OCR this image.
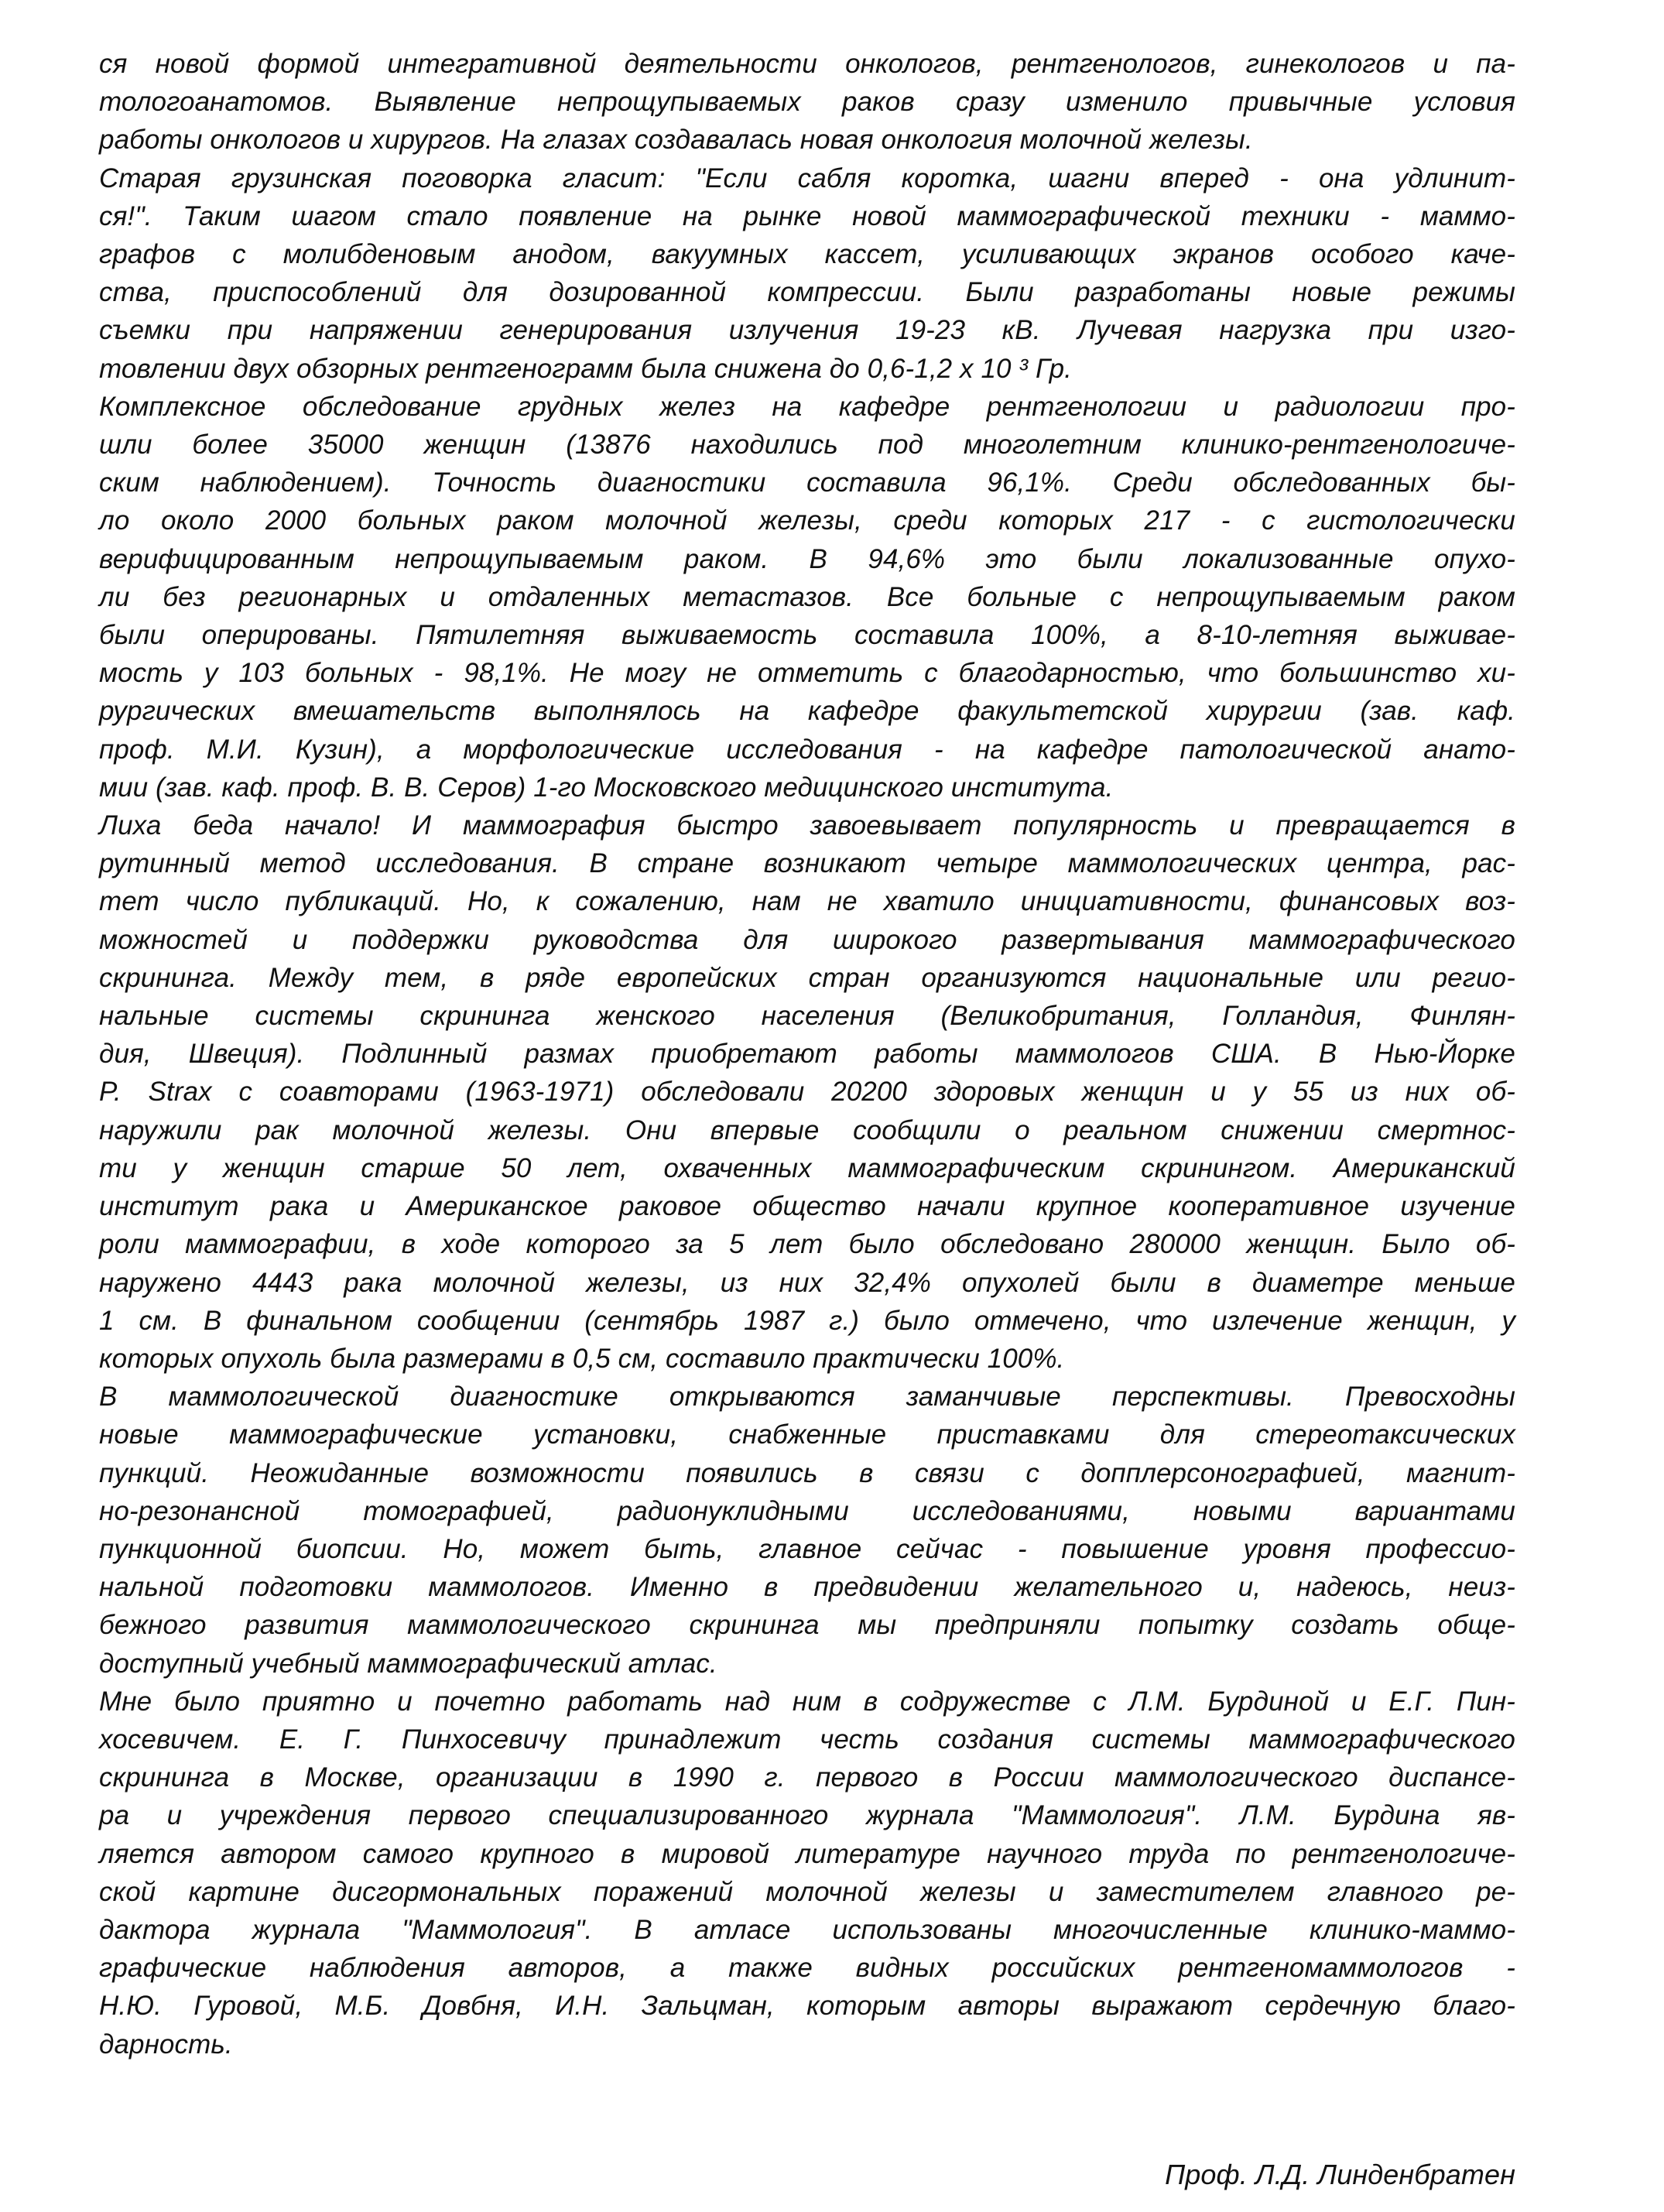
ся новой формой интегративной деятельности онкологов, рентгенологов, гинекологов и па-
тологоанатомов. Выявление непрощупываемых раков сразу изменило привычные условия
работы онкологов и хирургов. На глазах создавалась новая онкология молочной железы.
Старая грузинская поговорка гласит: "Если сабля коротка, шагни вперед - она удлинит-
ся!". Таким шагом стало появление на рынке новой маммографической техники - маммо-
графов с молибденовым анодом, вакуумных кассет, усиливающих экранов особого каче-
ства, приспособлений для дозированной компрессии. Были разработаны новые режимы
съемки при напряжении генерирования излучения 19-23 кВ. Лучевая нагрузка при изго-
товлении двух обзорных рентгенограмм была снижена до 0,6-1,2 х 10 ³ Гр.
Комплексное обследование грудных желез на кафедре рентгенологии и радиологии про-
шли более 35000 женщин (13876 находились под многолетним клинико-рентгенологиче-
ским наблюдением). Точность диагностики составила 96,1%. Среди обследованных бы-
ло около 2000 больных раком молочной железы, среди которых 217 - с гистологически
верифицированным непрощупываемым раком. В 94,6% это были локализованные опухо-
ли без регионарных и отдаленных метастазов. Все больные с непрощупываемым раком
были оперированы. Пятилетняя выживаемость составила 100%, а 8-10-летняя выживае-
мость у 103 больных - 98,1%. Не могу не отметить с благодарностью, что большинство хи-
рургических вмешательств выполнялось на кафедре факультетской хирургии (зав. каф.
проф. М.И. Кузин), а морфологические исследования - на кафедре патологической анато-
мии (зав. каф. проф. В. В. Серов) 1-го Московского медицинского института.
Лиха беда начало! И маммография быстро завоевывает популярность и превращается в
рутинный метод исследования. В стране возникают четыре маммологических центра, рас-
тет число публикаций. Но, к сожалению, нам не хватило инициативности, финансовых воз-
можностей и поддержки руководства для широкого развертывания маммографического
скрининга. Между тем, в ряде европейских стран организуются национальные или регио-
нальные системы скрининга женского населения (Великобритания, Голландия, Финлян-
дия, Швеция). Подлинный размах приобретают работы маммологов США. В Нью-Йорке
P. Strax с соавторами (1963-1971) обследовали 20200 здоровых женщин и у 55 из них об-
наружили рак молочной железы. Они впервые сообщили о реальном снижении смертнос-
ти у женщин старше 50 лет, охваченных маммографическим скринингом. Американский
институт рака и Американское раковое общество начали крупное кооперативное изучение
роли маммографии, в ходе которого за 5 лет было обследовано 280000 женщин. Было об-
наружено 4443 рака молочной железы, из них 32,4% опухолей были в диаметре меньше
1 см. В финальном сообщении (сентябрь 1987 г.) было отмечено, что излечение женщин, у
которых опухоль была размерами в 0,5 см, составило практически 100%.
В маммологической диагностике открываются заманчивые перспективы. Превосходны
новые маммографические установки, снабженные приставками для стереотаксических
пункций. Неожиданные возможности появились в связи с допплерсонографией, магнит-
но-резонансной томографией, радионуклидными исследованиями, новыми вариантами
пункционной биопсии. Но, может быть, главное сейчас - повышение уровня профессио-
нальной подготовки маммологов. Именно в предвидении желательного и, надеюсь, неиз-
бежного развития маммологического скрининга мы предприняли попытку создать обще-
доступный учебный маммографический атлас.
Мне было приятно и почетно работать над ним в содружестве с Л.М. Бурдиной и Е.Г. Пин-
хосевичем. Е. Г. Пинхосевичу принадлежит честь создания системы маммографического
скрининга в Москве, организации в 1990 г. первого в России маммологического диспансе-
ра и учреждения первого специализированного журнала "Маммология". Л.М. Бурдина яв-
ляется автором самого крупного в мировой литературе научного труда по рентгенологиче-
ской картине дисгормональных поражений молочной железы и заместителем главного ре-
дактора журнала "Маммология". В атласе использованы многочисленные клинико-маммо-
графические наблюдения авторов, а также видных российских рентгеномаммологов -
Н.Ю. Гуровой, М.Б. Довбня, И.Н. Зальцман, которым авторы выражают сердечную благо-
дарность.

Проф. Л.Д. Линденбратен
